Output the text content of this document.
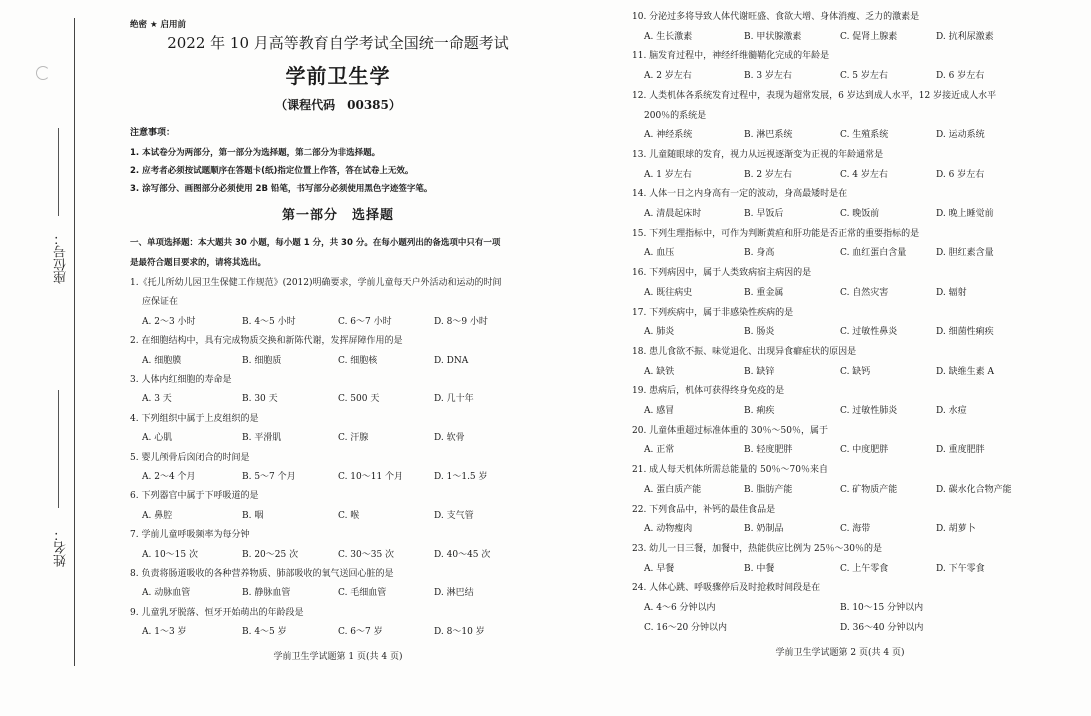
座位号：
姓名：
绝密 ★ 启用前
2022 年 10 月高等教育自学考试全国统一命题考试
学前卫生学
（课程代码　00385）
注意事项：
1. 本试卷分为两部分，第一部分为选择题，第二部分为非选择题。
2. 应考者必须按试题顺序在答题卡(纸)指定位置上作答，答在试卷上无效。
3. 涂写部分、画图部分必须使用 2B 铅笔，书写部分必须使用黑色字迹签字笔。
第一部分　选择题
一、单项选择题：本大题共 30 小题，每小题 1 分，共 30 分。在每小题列出的备选项中只有一项
是最符合题目要求的，请将其选出。
1.《托儿所幼儿园卫生保健工作规范》(2012)明确要求，学前儿童每天户外活动和运动的时间
应保证在
A. 2～3 小时	B. 4～5 小时	C. 6～7 小时	D. 8～9 小时
2. 在细胞结构中，具有完成物质交换和新陈代谢，发挥屏障作用的是
A. 细胞膜	B. 细胞质	C. 细胞核	D. DNA
3. 人体内红细胞的寿命是
A. 3 天	B. 30 天	C. 500 天	D. 几十年
4. 下列组织中属于上皮组织的是
A. 心肌	B. 平滑肌	C. 汗腺	D. 软骨
5. 婴儿颅骨后囟闭合的时间是
A. 2～4 个月	B. 5～7 个月	C. 10～11 个月	D. 1～1.5 岁
6. 下列器官中属于下呼吸道的是
A. 鼻腔	B. 咽	C. 喉	D. 支气管
7. 学前儿童呼吸频率为每分钟
A. 10～15 次	B. 20～25 次	C. 30～35 次	D. 40～45 次
8. 负责将肠道吸收的各种营养物质、肺部吸收的氧气送回心脏的是
A. 动脉血管	B. 静脉血管	C. 毛细血管	D. 淋巴结
9. 儿童乳牙脱落、恒牙开始萌出的年龄段是
A. 1～3 岁	B. 4～5 岁	C. 6～7 岁	D. 8～10 岁
学前卫生学试题第 1 页(共 4 页)
10. 分泌过多将导致人体代谢旺盛、食欲大增、身体消瘦、乏力的激素是
A. 生长激素	B. 甲状腺激素	C. 促肾上腺素	D. 抗利尿激素
11. 脑发育过程中，神经纤维髓鞘化完成的年龄是
A. 2 岁左右	B. 3 岁左右	C. 5 岁左右	D. 6 岁左右
12. 人类机体各系统发育过程中，表现为超常发展，6 岁达到成人水平，12 岁接近成人水平
200％的系统是
A. 神经系统	B. 淋巴系统	C. 生殖系统	D. 运动系统
13. 儿童随眼球的发育，视力从远视逐渐变为正视的年龄通常是
A. 1 岁左右	B. 2 岁左右	C. 4 岁左右	D. 6 岁左右
14. 人体一日之内身高有一定的波动，身高最矮时是在
A. 清晨起床时	B. 早饭后	C. 晚饭前	D. 晚上睡觉前
15. 下列生理指标中，可作为判断黄疸和肝功能是否正常的重要指标的是
A. 血压	B. 身高	C. 血红蛋白含量	D. 胆红素含量
16. 下列病因中，属于人类致病宿主病因的是
A. 既往病史	B. 重金属	C. 自然灾害	D. 辐射
17. 下列疾病中，属于非感染性疾病的是
A. 肺炎	B. 肠炎	C. 过敏性鼻炎	D. 细菌性痢疾
18. 患儿食欲不振、味觉退化、出现异食癖症状的原因是
A. 缺铁	B. 缺锌	C. 缺钙	D. 缺维生素 A
19. 患病后，机体可获得终身免疫的是
A. 感冒	B. 痢疾	C. 过敏性肺炎	D. 水痘
20. 儿童体重超过标准体重的 30％～50％，属于
A. 正常	B. 轻度肥胖	C. 中度肥胖	D. 重度肥胖
21. 成人每天机体所需总能量的 50％～70％来自
A. 蛋白质产能	B. 脂肪产能	C. 矿物质产能	D. 碳水化合物产能
22. 下列食品中，补钙的最佳食品是
A. 动物瘦肉	B. 奶制品	C. 海带	D. 胡萝卜
23. 幼儿一日三餐，加餐中，热能供应比例为 25％～30％的是
A. 早餐	B. 中餐	C. 上午零食	D. 下午零食
24. 人体心跳、呼吸骤停后及时抢救时间段是在
A. 4～6 分钟以内	B. 10～15 分钟以内
C. 16～20 分钟以内	D. 36～40 分钟以内
学前卫生学试题第 2 页(共 4 页)
